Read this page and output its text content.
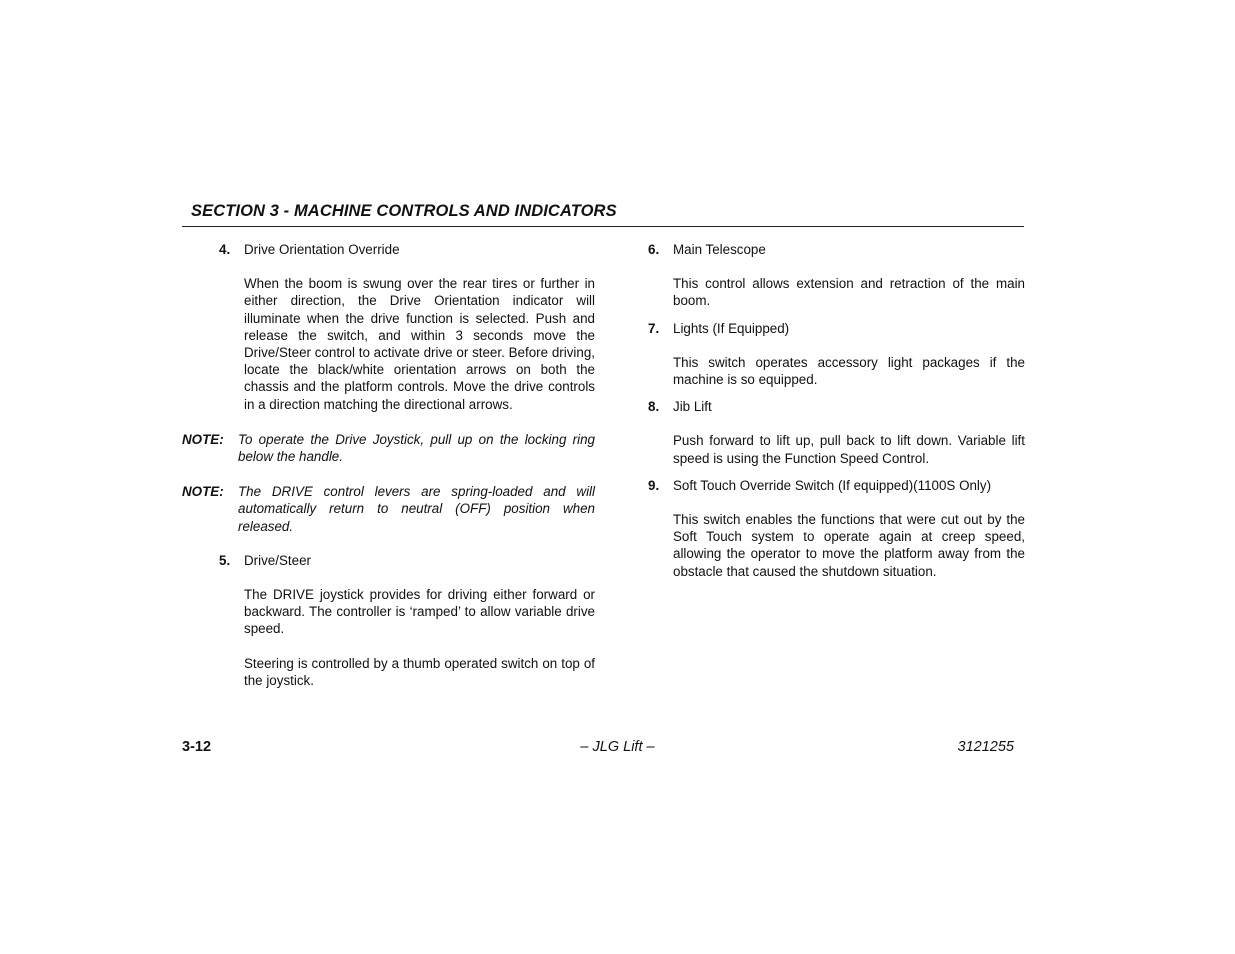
SECTION 3 - MACHINE CONTROLS AND INDICATORS
4. Drive Orientation Override
When the boom is swung over the rear tires or further in either direction, the Drive Orientation indicator will illuminate when the drive function is selected. Push and release the switch, and within 3 seconds move the Drive/Steer control to activate drive or steer. Before driving, locate the black/white orientation arrows on both the chassis and the platform controls. Move the drive controls in a direction matching the directional arrows.
NOTE:	To operate the Drive Joystick, pull up on the locking ring below the handle.
NOTE:	The DRIVE control levers are spring-loaded and will automatically return to neutral (OFF) position when released.
5. Drive/Steer
The DRIVE joystick provides for driving either forward or backward. The controller is ‘ramped’ to allow variable drive speed.
Steering is controlled by a thumb operated switch on top of the joystick.
6. Main Telescope
This control allows extension and retraction of the main boom.
7. Lights (If Equipped)
This switch operates accessory light packages if the machine is so equipped.
8. Jib Lift
Push forward to lift up, pull back to lift down. Variable lift speed is using the Function Speed Control.
9. Soft Touch Override Switch (If equipped)(1100S Only)
This switch enables the functions that were cut out by the Soft Touch system to operate again at creep speed, allowing the operator to move the platform away from the obstacle that caused the shutdown situation.
3-12	– JLG Lift –	3121255
